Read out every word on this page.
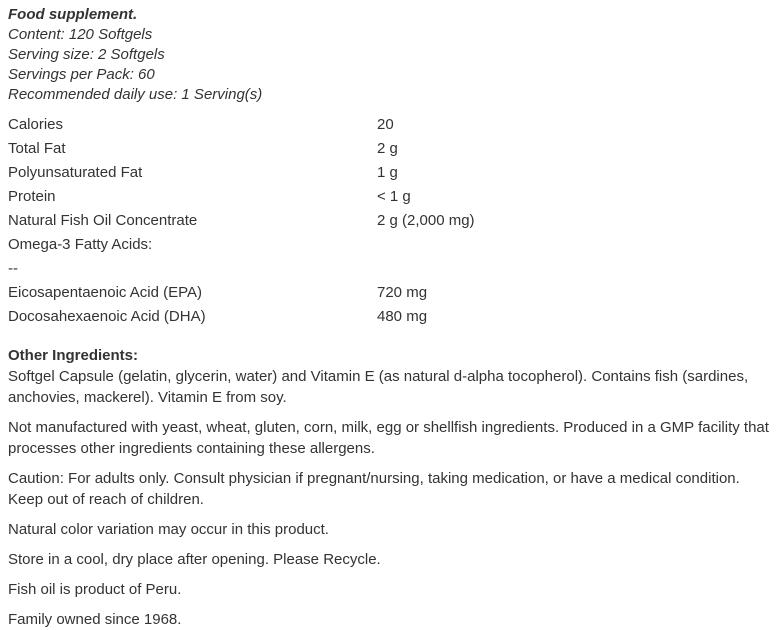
Food supplement.
Content: 120 Softgels
Serving size: 2 Softgels
Servings per Pack: 60
Recommended daily use: 1 Serving(s)
Calories	20
Total Fat	2 g
Polyunsaturated Fat	1 g
Protein	< 1 g
Natural Fish Oil Concentrate	2 g (2,000 mg)
Omega-3 Fatty Acids:
--
Eicosapentaenoic Acid (EPA)	720 mg
Docosahexaenoic Acid (DHA)	480 mg
Other Ingredients:

Softgel Capsule (gelatin, glycerin, water) and Vitamin E (as natural d-alpha tocopherol). Contains fish (sardines, anchovies, mackerel). Vitamin E from soy.

Not manufactured with yeast, wheat, gluten, corn, milk, egg or shellfish ingredients. Produced in a GMP facility that processes other ingredients containing these allergens.

Caution: For adults only. Consult physician if pregnant/nursing, taking medication, or have a medical condition. Keep out of reach of children.

Natural color variation may occur in this product.

Store in a cool, dry place after opening. Please Recycle.

Fish oil is product of Peru.

Family owned since 1968.
